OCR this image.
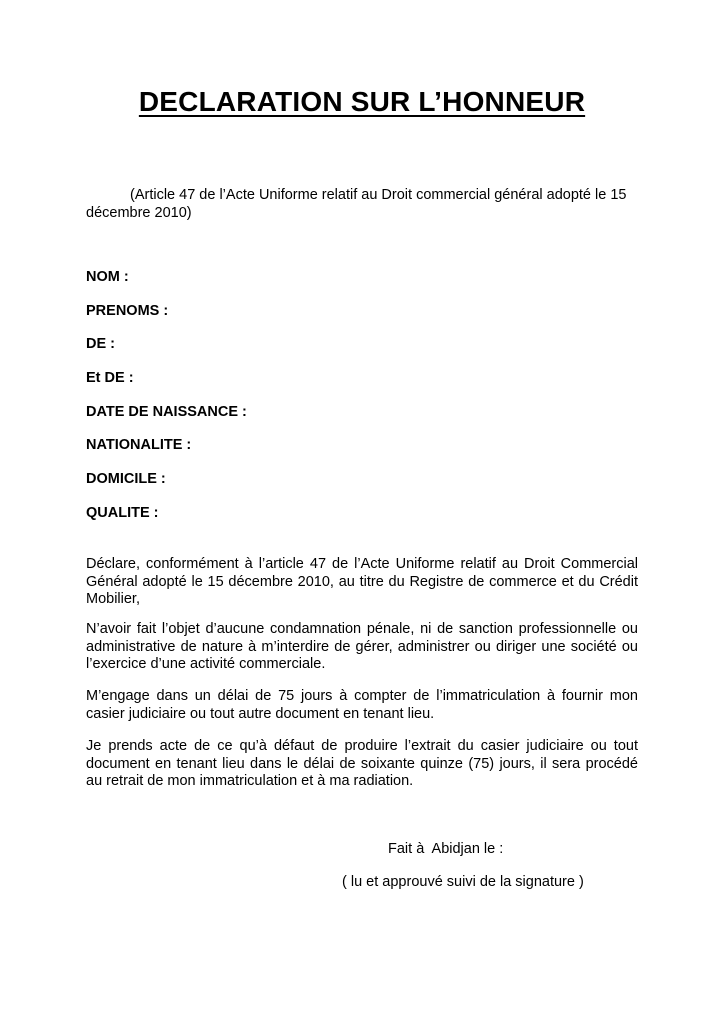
DECLARATION SUR L’HONNEUR

(Article 47 de l’Acte Uniforme relatif au Droit commercial général adopté le 15 décembre 2010)

NOM :
PRENOMS :
DE :
Et DE :
DATE DE NAISSANCE :
NATIONALITE :
DOMICILE :
QUALITE :

Déclare, conformément à l’article 47 de l’Acte Uniforme relatif au Droit Commercial Général adopté le 15 décembre 2010, au titre du Registre de commerce et du Crédit Mobilier,

N’avoir fait l’objet d’aucune condamnation pénale, ni de sanction professionnelle ou administrative de nature à m’interdire de gérer, administrer ou diriger une société ou l’exercice d’une activité commerciale.

M’engage dans un délai de 75 jours à compter de l’immatriculation à fournir mon casier judiciaire ou tout autre document en tenant lieu.

Je prends acte de ce qu’à défaut de produire l’extrait du casier judiciaire ou tout document en tenant lieu dans le délai de soixante quinze (75) jours, il sera procédé au retrait de mon immatriculation et à ma radiation.

Fait à  Abidjan le :

( lu et approuvé suivi de la signature )
